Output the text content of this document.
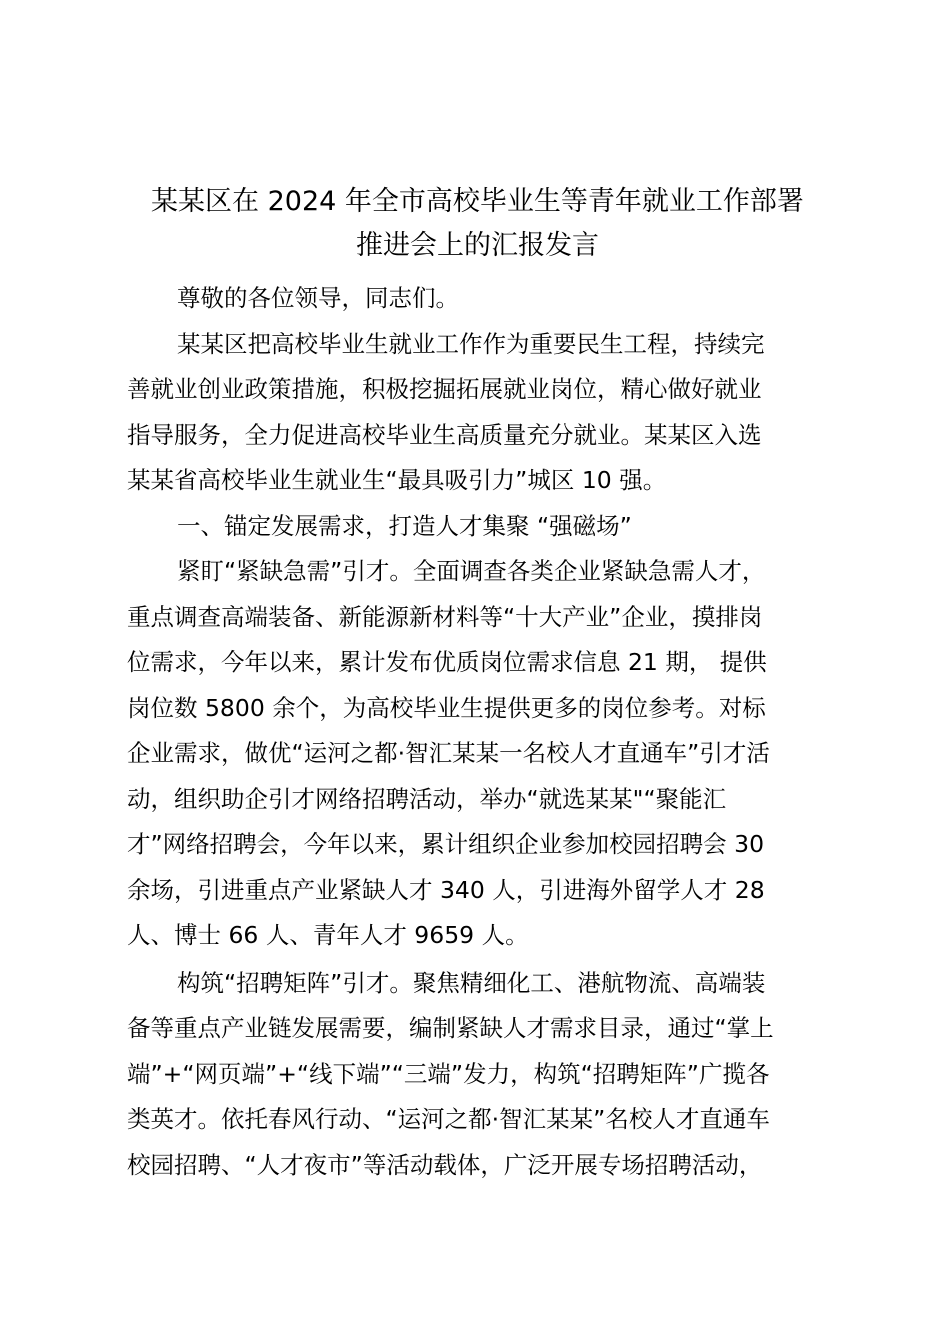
某某区在 2024 年全市高校毕业生等青年就业工作部署
推进会上的汇报发言
尊敬的各位领导，同志们。
某某区把高校毕业生就业工作作为重要民生工程，持续完
善就业创业政策措施，积极挖掘拓展就业岗位，精心做好就业
指导服务，全力促进高校毕业生高质量充分就业。某某区入选
某某省高校毕业生就业生“最具吸引力”城区 10 强。
一、锚定发展需求，打造人才集聚 “强磁场”
紧盯“紧缺急需”引才。全面调查各类企业紧缺急需人才，
重点调查高端装备、新能源新材料等“十大产业”企业，摸排岗
位需求，今年以来，累计发布优质岗位需求信息 21 期， 提供
岗位数 5800 余个，为高校毕业生提供更多的岗位参考。对标
企业需求，做优“运河之都·智汇某某一名校人才直通车”引才活
动，组织助企引才网络招聘活动，举办“就选某某"“聚能汇
才”网络招聘会，今年以来，累计组织企业参加校园招聘会 30
余场，引进重点产业紧缺人才 340 人，引进海外留学人才 28
人、博士 66 人、青年人才 9659 人。
构筑“招聘矩阵”引才。聚焦精细化工、港航物流、高端装
备等重点产业链发展需要，编制紧缺人才需求目录，通过“掌上
端”+“网页端”+“线下端”“三端”发力，构筑“招聘矩阵”广揽各
类英才。依托春风行动、“运河之都·智汇某某”名校人才直通车
校园招聘、“人才夜市”等活动载体，广泛开展专场招聘活动，
